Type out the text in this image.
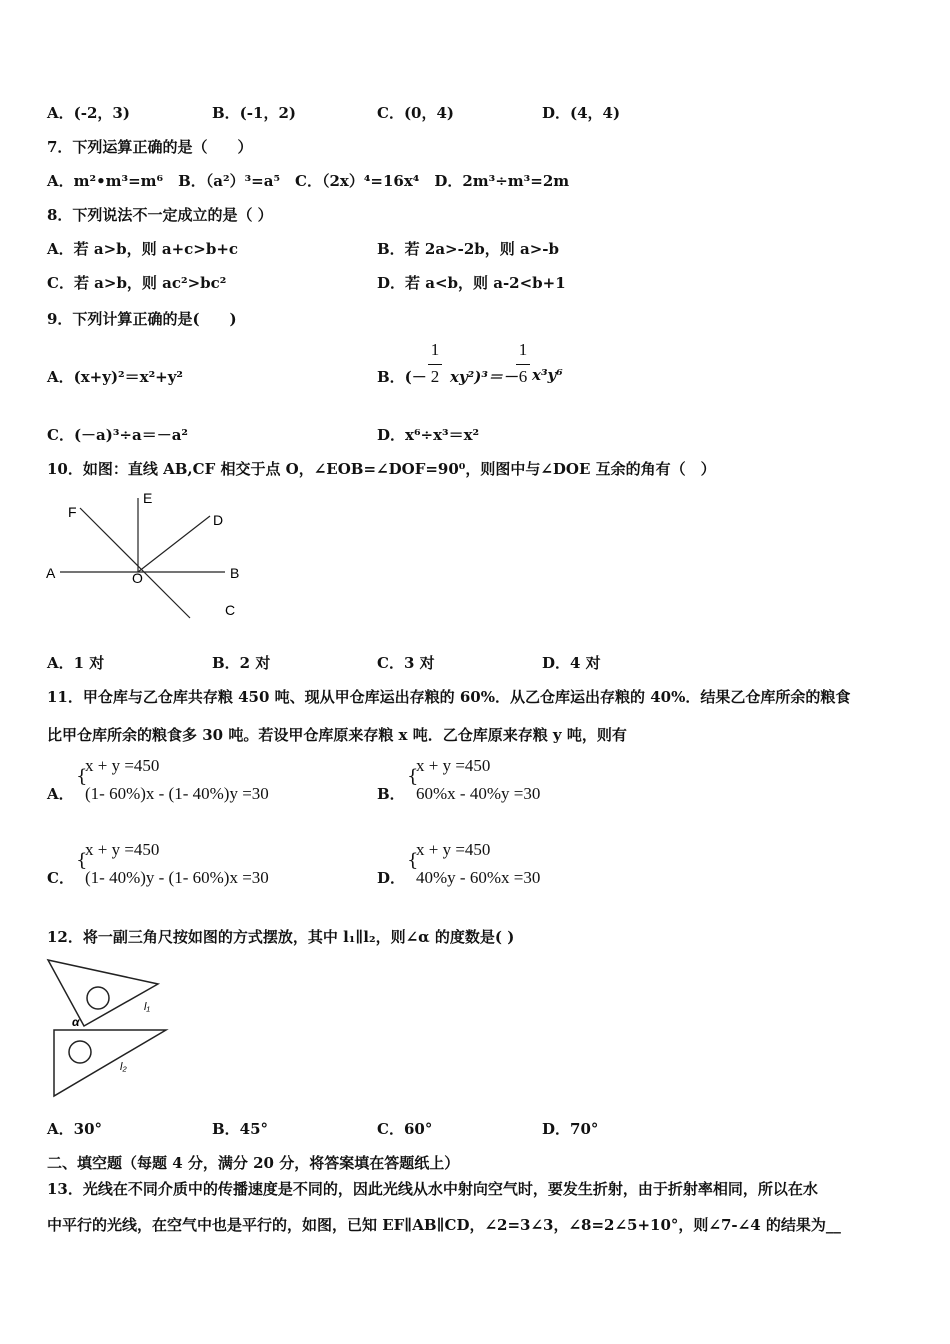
A．(-2，3)	B．(-1，2)	C．(0，4)	D．(4，4)
7．下列运算正确的是（　　）
A．m²•m³=m⁶　B．（a²）³=a⁵　C．（2x）⁴=16x⁴　D．2m³÷m³=2m
8．下列说法不一定成立的是（ ）
A．若 a>b，则 a+c>b+c	B．若 2a>-2b，则 a>-b
C．若 a>b，则 ac²>bc²	D．若 a<b，则 a-2<b+1
9．下列计算正确的是(　　)
A．(x+y)²＝x²+y²	B．(－
1
2 xy²)³＝－
1
6 x³y⁶
C．(－a)³÷a＝－a²	D．x⁶÷x³＝x²
10．如图：直线 AB,CF 相交于点 O，∠EOB=∠DOF=90⁰，则图中与∠DOE 互余的角有（　）
A	B
C
D
E
F
O
A．1 对	B．2 对	C．3 对	D．4 对
11．甲仓库与乙仓库共存粮 450 吨、现从甲仓库运出存粮的 60%．从乙仓库运出存粮的 40%．结果乙仓库所余的粮食
比甲仓库所余的粮食多 30 吨。若设甲仓库原来存粮 x 吨．乙仓库原来存粮 y 吨，则有
A．
{
x + y =450
(1- 60%)x - (1- 40%)y =30	B．
{
x + y =450
60%x - 40%y =30
C．
{
x + y =450
(1- 40%)y - (1- 60%)x =30	D．
{
x + y =450
40%y - 60%x =30
12．将一副三角尺按如图的方式摆放，其中 l₁∥l₂，则∠α 的度数是( )
α
l₁
l₂
A．30°	B．45°	C．60°	D．70°
二、填空题（每题 4 分，满分 20 分，将答案填在答题纸上）
13．光线在不同介质中的传播速度是不同的，因此光线从水中射向空气时，要发生折射，由于折射率相同，所以在水
中平行的光线，在空气中也是平行的，如图，已知 EF∥AB∥CD，∠2=3∠3，∠8=2∠5+10°，则∠7-∠4 的结果为__
